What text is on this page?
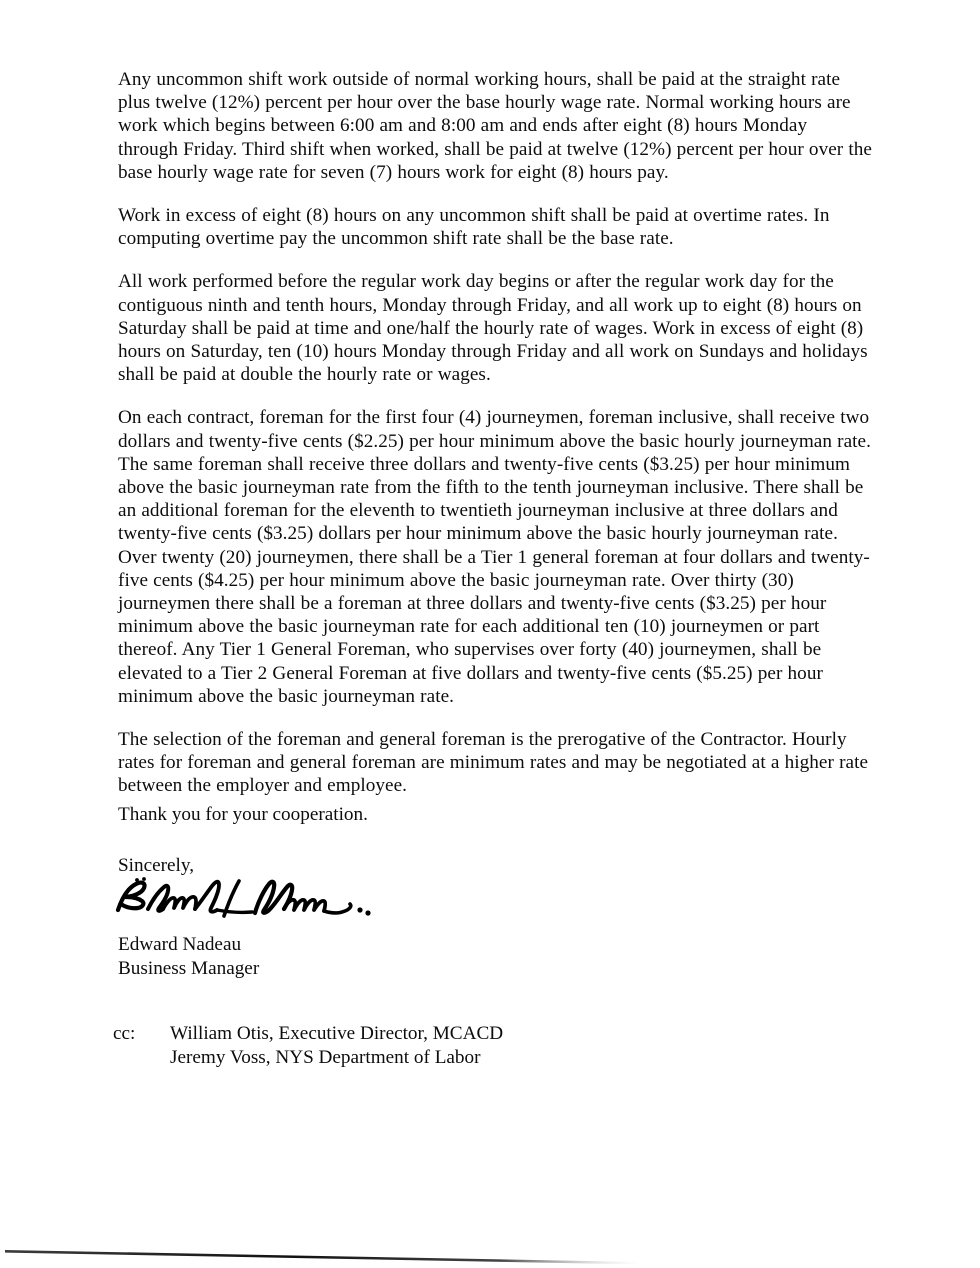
Any uncommon shift work outside of normal working hours, shall be paid at the straight rate plus twelve (12%) percent per hour over the base hourly wage rate. Normal working hours are work which begins between 6:00 am and 8:00 am and ends after eight (8) hours Monday through Friday. Third shift when worked, shall be paid at twelve (12%) percent per hour over the base hourly wage rate for seven (7) hours work for eight (8) hours pay.

Work in excess of eight (8) hours on any uncommon shift shall be paid at overtime rates. In computing overtime pay the uncommon shift rate shall be the base rate.

All work performed before the regular work day begins or after the regular work day for the contiguous ninth and tenth hours, Monday through Friday, and all work up to eight (8) hours on Saturday shall be paid at time and one/half the hourly rate of wages. Work in excess of eight (8) hours on Saturday, ten (10) hours Monday through Friday and all work on Sundays and holidays shall be paid at double the hourly rate or wages.

On each contract, foreman for the first four (4) journeymen, foreman inclusive, shall receive two dollars and twenty-five cents ($2.25) per hour minimum above the basic hourly journeyman rate. The same foreman shall receive three dollars and twenty-five cents ($3.25) per hour minimum above the basic journeyman rate from the fifth to the tenth journeyman inclusive. There shall be an additional foreman for the eleventh to twentieth journeyman inclusive at three dollars and twenty-five cents ($3.25) dollars per hour minimum above the basic hourly journeyman rate. Over twenty (20) journeymen, there shall be a Tier 1 general foreman at four dollars and twenty-five cents ($4.25) per hour minimum above the basic journeyman rate. Over thirty (30) journeymen there shall be a foreman at three dollars and twenty-five cents ($3.25) per hour minimum above the basic journeyman rate for each additional ten (10) journeymen or part thereof. Any Tier 1 General Foreman, who supervises over forty (40) journeymen, shall be elevated to a Tier 2 General Foreman at five dollars and twenty-five cents ($5.25) per hour minimum above the basic journeyman rate.

The selection of the foreman and general foreman is the prerogative of the Contractor. Hourly rates for foreman and general foreman are minimum rates and may be negotiated at a higher rate between the employer and employee.

Thank you for your cooperation.

Sincerely,

Edward Nadeau
Business Manager
cc:	William Otis, Executive Director, MCACD
Jeremy Voss, NYS Department of Labor
